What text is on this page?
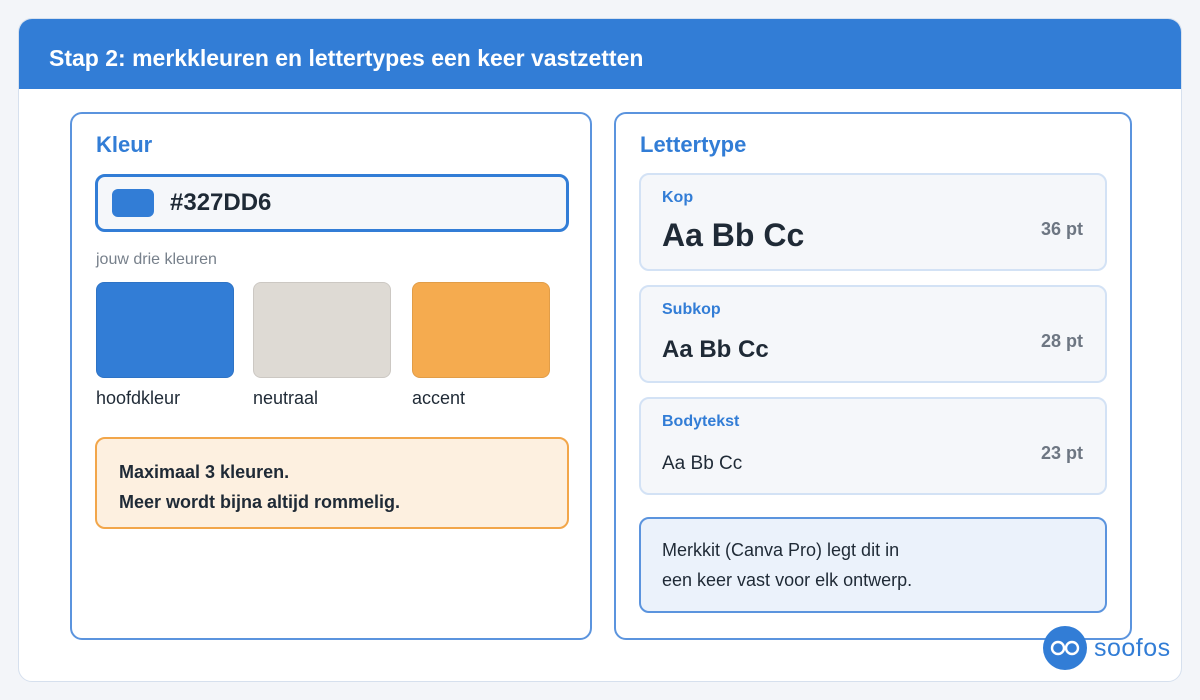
Stap 2: merkkleuren en lettertypes een keer vastzetten
Kleur
#327DD6
jouw drie kleuren
hoofdkleur	neutraal	accent
Maximaal 3 kleuren.
Meer wordt bijna altijd rommelig.
Lettertype
Kop
Aa Bb Cc	36 pt
Subkop
Aa Bb Cc	28 pt
Bodytekst
Aa Bb Cc	23 pt
Merkkit (Canva Pro) legt dit in
een keer vast voor elk ontwerp.
soofos
